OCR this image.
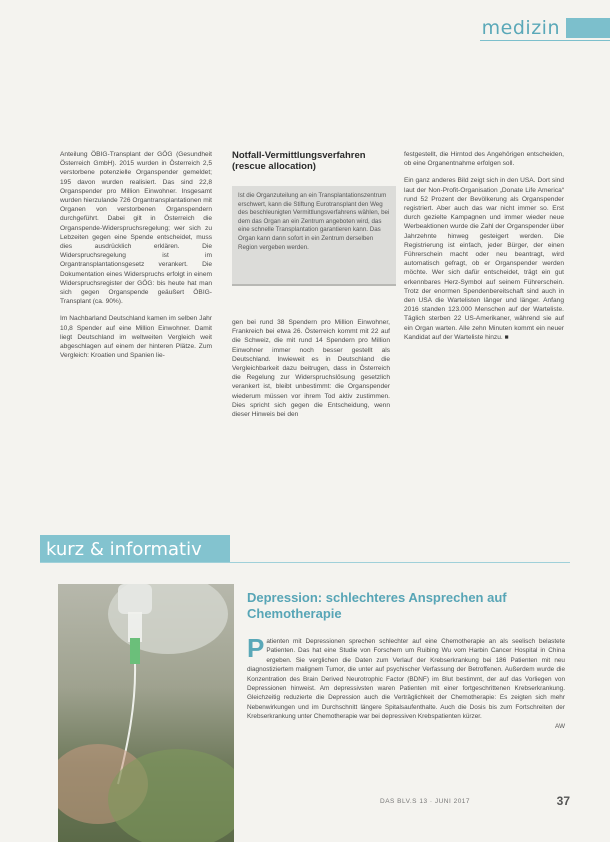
medizin

Anteilung ÖBIG-Transplant der GÖG (Gesundheit Österreich GmbH). 2015 wurden in Österreich 2,5 verstorbene potenzielle Organspender gemeldet; 195 davon wurden realisiert. Das sind 22,8 Organspender pro Million Einwohner. Insgesamt wurden hierzulande 726 Organtransplantationen mit Organen von verstorbenen Organspendern durchgeführt. Dabei gilt in Österreich die Organspende-Widerspruchsregelung; wer sich zu Lebzeiten gegen eine Spende entscheidet, muss dies ausdrücklich erklären. Die Widerspruchsregelung ist im Organtransplantationsgesetz verankert. Die Dokumentation eines Widerspruchs erfolgt in einem Widerspruchsregister der GÖG: bis heute hat man sich gegen Organspende geäußert ÖBIG-Transplant (ca. 90%).

Im Nachbarland Deutschland kamen im selben Jahr 10,8 Spender auf eine Million Einwohner. Damit liegt Deutschland im weltweiten Vergleich weit abgeschlagen auf einem der hinteren Plätze. Zum Vergleich: Kroatien und Spanien lie-

Notfall-Vermittlungsverfahren (rescue allocation)
Ist die Organzuteilung an ein Transplantationszentrum erschwert, kann die Stiftung Eurotransplant den Weg des beschleunigten Vermittlungsverfahrens wählen, bei dem das Organ an ein Zentrum angeboten wird, das eine schnelle Transplantation garantieren kann. Das Organ kann dann sofort in ein Zentrum derselben Region vergeben werden.

gen bei rund 38 Spendern pro Million Einwohner, Frankreich bei etwa 26. Österreich kommt mit 22 auf die Schweiz, die mit rund 14 Spendern pro Million Einwohner immer noch besser gestellt als Deutschland. Inwieweit es in Deutschland die Vergleichbarkeit dazu beitrugen, dass in Österreich die Regelung zur Widerspruchslösung gesetzlich verankert ist, bleibt unbestimmt: die Organspender wiederum müssen vor ihrem Tod aktiv zustimmen. Dies spricht sich gegen die Entscheidung, wenn dieser Hinweis bei den

festgestellt, die Hirntod des Angehörigen entscheiden, ob eine Organentnahme erfolgen soll.

Ein ganz anderes Bild zeigt sich in den USA. Dort sind laut der Non-Profit-Organisation „Donate Life America“ rund 52 Prozent der Bevölkerung als Organspender registriert. Aber auch das war nicht immer so. Erst durch gezielte Kampagnen und immer wieder neue Werbeaktionen wurde die Zahl der Organspender über Jahrzehnte hinweg gesteigert werden. Die Registrierung ist einfach, jeder Bürger, der einen Führerschein macht oder neu beantragt, wird automatisch gefragt, ob er Organspender werden möchte. Wer sich dafür entscheidet, trägt ein gut erkennbares Herz-Symbol auf seinem Führerschein. Trotz der enormen Spendenbereitschaft sind auch in den USA die Wartelisten länger und länger. Anfang 2016 standen 123.000 Menschen auf der Warteliste. Täglich sterben 22 US-Amerikaner, während sie auf ein Organ warten. Alle zehn Minuten kommt ein neuer Kandidat auf der Warteliste hinzu. ■

kurz & informativ
Depression: schlechteres Ansprechen auf Chemotherapie
P atienten mit Depressionen sprechen schlechter auf eine Chemotherapie an als seelisch belastete Patienten. Das hat eine Studie von Forschern um Ruibing Wu vom Harbin Cancer Hospital in China ergeben. Sie verglichen die Daten zum Verlauf der Krebserkrankung bei 186 Patienten mit neu diagnostiziertem malignem Tumor, die unter auf psychischer Verfassung der Betroffenen. Außerdem wurde die Konzentration des Brain Derived Neurotrophic Factor (BDNF) im Blut bestimmt, der auf das Vorliegen von Depressionen hinweist. Am depressivsten waren Patienten mit einer fortgeschrittenen Krebserkrankung. Gleichzeitig reduzierte die Depression auch die Verträglichkeit der Chemotherapie: Es zeigten sich mehr Nebenwirkungen und im Durchschnitt längere Spitalsaufenthalte. Auch die Dosis bis zum Fortschreiten der Krebserkrankung unter Chemotherapie war bei depressiven Krebspatienten kürzer.
AW
DAS BLV.S 13 · JUNI 2017	37
